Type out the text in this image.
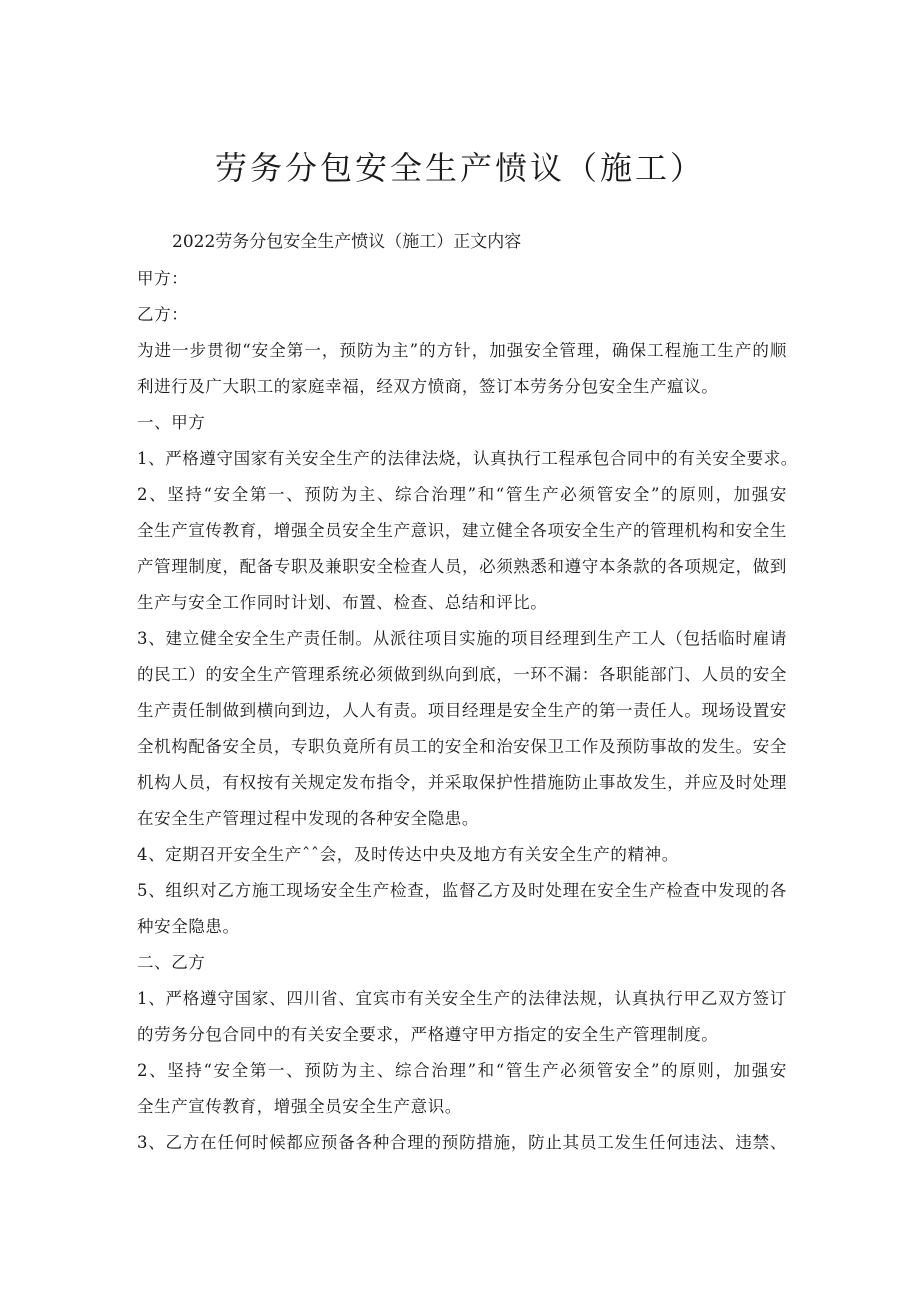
劳务分包安全生产愤议（施工）
2022劳务分包安全生产愤议（施工）正文内容
甲方：
乙方：
为进一步贯彻“安全第一，预防为主”的方针，加强安全管理，确保工程施工生产的顺
利进行及广大职工的家庭幸福，经双方愤商，签订本劳务分包安全生产瘟议。
一、甲方
1、严格遵守国家有关安全生产的法律法烧，认真执行工程承包合同中的有关安全要求。
2、坚持“安全第一、预防为主、综合治理”和“管生产必须管安全”的原则，加强安
全生产宣传教育，增强全员安全生产意识，建立健全各项安全生产的管理机构和安全生
产管理制度，配备专职及兼职安全检查人员，必须熟悉和遵守本条款的各项规定，做到
生产与安全工作同时计划、布置、检查、总结和评比。
3、建立健全安全生产责任制。从派往项目实施的项目经理到生产工人（包括临时雇请
的民工）的安全生产管理系统必须做到纵向到底，一环不漏：各职能部门、人员的安全
生产责任制做到横向到边，人人有责。项目经理是安全生产的第一责任人。现场设置安
全机构配备安全员，专职负竟所有员工的安全和治安保卫工作及预防事故的发生。安全
机构人员，有权按有关规定发布指令，并采取保护性措施防止事故发生，并应及时处理
在安全生产管理过程中发现的各种安全隐患。
4、定期召开安全生产ˆˆ会，及时传达中央及地方有关安全生产的精神。
5、组织对乙方施工现场安全生产检查，监督乙方及时处理在安全生产检查中发现的各
种安全隐患。
二、乙方
1、严格遵守国家、四川省、宜宾市有关安全生产的法律法规，认真执行甲乙双方签订
的劳务分包合同中的有关安全要求，严格遵守甲方指定的安全生产管理制度。
2、坚持“安全第一、预防为主、综合治理”和“管生产必须管安全”的原则，加强安
全生产宣传教育，增强全员安全生产意识。
3、乙方在任何时候都应预备各种合理的预防措施，防止其员工发生任何违法、违禁、
